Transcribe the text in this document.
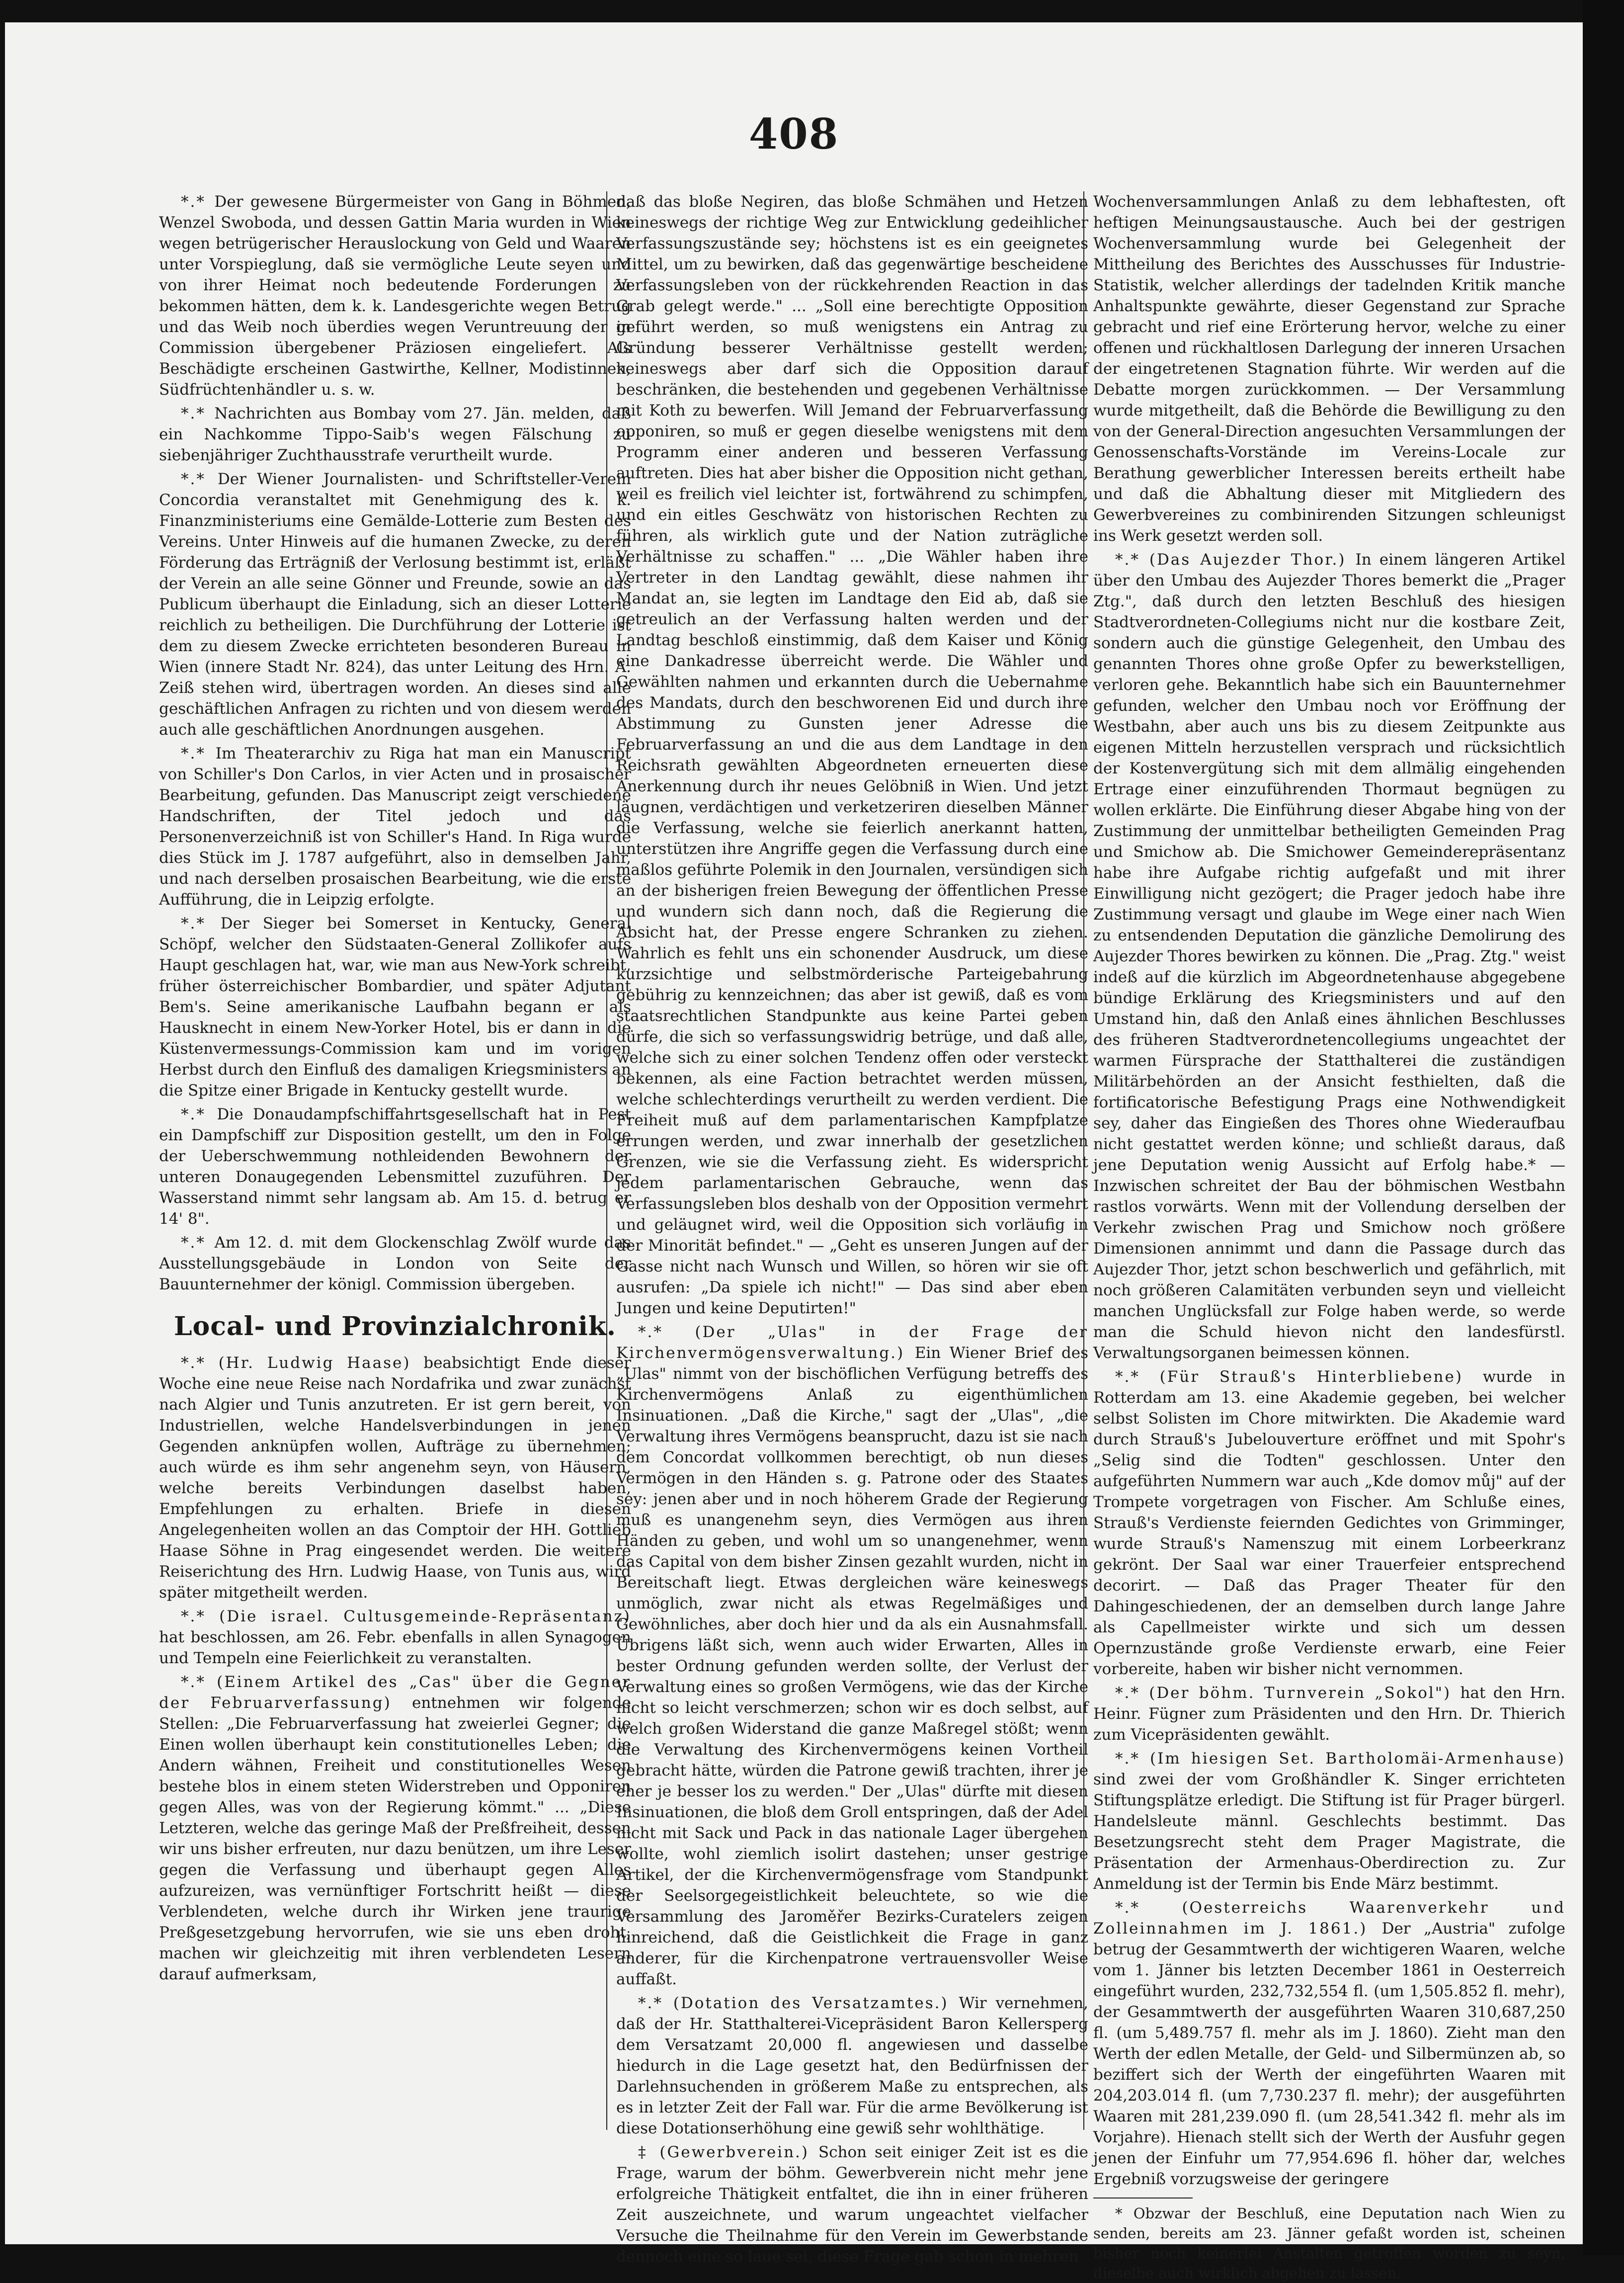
408

*.* Der gewesene Bürgermeister von Gang in Böhmen, Wenzel Swoboda, und dessen Gattin Maria wurden in Wien wegen betrügerischer Herauslockung von Geld und Waaren unter Vorspieglung, daß sie vermögliche Leute seyen und von ihrer Heimat noch bedeutende Forderungen zu bekommen hätten, dem k. k. Landesgerichte wegen Betrug und das Weib noch überdies wegen Veruntreuung der in Commission übergebener Präziosen eingeliefert. Als Beschädigte erscheinen Gastwirthe, Kellner, Modistinnen, Südfrüchtenhändler u. s. w.

*.* Nachrichten aus Bombay vom 27. Jän. melden, daß ein Nachkomme Tippo-Saib's wegen Fälschung zu siebenjähriger Zuchthausstrafe verurtheilt wurde.

*.* Der Wiener Journalisten- und Schriftsteller-Verein Concordia veranstaltet mit Genehmigung des k. k. Finanzministeriums eine Gemälde-Lotterie zum Besten des Vereins. Unter Hinweis auf die humanen Zwecke, zu deren Förderung das Erträgniß der Verlosung bestimmt ist, erläßt der Verein an alle seine Gönner und Freunde, sowie an das Publicum überhaupt die Einladung, sich an dieser Lotterie reichlich zu betheiligen. Die Durchführung der Lotterie ist dem zu diesem Zwecke errichteten besonderen Bureau in Wien (innere Stadt Nr. 824), das unter Leitung des Hrn. A. Zeiß stehen wird, übertragen worden. An dieses sind alle geschäftlichen Anfragen zu richten und von diesem werden auch alle geschäftlichen Anordnungen ausgehen.

*.* Im Theaterarchiv zu Riga hat man ein Manuscript von Schiller's Don Carlos, in vier Acten und in prosaischer Bearbeitung, gefunden. Das Manuscript zeigt verschiedene Handschriften, der Titel jedoch und das Personenverzeichniß ist von Schiller's Hand. In Riga wurde dies Stück im J. 1787 aufgeführt, also in demselben Jahr, und nach derselben prosaischen Bearbeitung, wie die erste Aufführung, die in Leipzig erfolgte.

*.* Der Sieger bei Somerset in Kentucky, General Schöpf, welcher den Südstaaten-General Zollikofer aufs Haupt geschlagen hat, war, wie man aus New-York schreibt, früher österreichischer Bombardier, und später Adjutant Bem's. Seine amerikanische Laufbahn begann er als Hausknecht in einem New-Yorker Hotel, bis er dann in die Küstenvermessungs-Commission kam und im vorigen Herbst durch den Einfluß des damaligen Kriegsministers an die Spitze einer Brigade in Kentucky gestellt wurde.

*.* Die Donaudampfschiffahrtsgesellschaft hat in Pest ein Dampfschiff zur Disposition gestellt, um den in Folge der Ueberschwemmung nothleidenden Bewohnern der unteren Donaugegenden Lebensmittel zuzuführen. Der Wasserstand nimmt sehr langsam ab. Am 15. d. betrug er 14' 8".

*.* Am 12. d. mit dem Glockenschlag Zwölf wurde das Ausstellungsgebäude in London von Seite der Bauunternehmer der königl. Commission übergeben.

Local- und Provinzialchronik.

*.* (Hr. Ludwig Haase) beabsichtigt Ende dieser Woche eine neue Reise nach Nordafrika und zwar zunächst nach Algier und Tunis anzutreten. Er ist gern bereit, von Industriellen, welche Handelsverbindungen in jenen Gegenden anknüpfen wollen, Aufträge zu übernehmen; auch würde es ihm sehr angenehm seyn, von Häusern, welche bereits Verbindungen daselbst haben, Empfehlungen zu erhalten. Briefe in diesen Angelegenheiten wollen an das Comptoir der HH. Gottlieb Haase Söhne in Prag eingesendet werden. Die weitere Reiserichtung des Hrn. Ludwig Haase, von Tunis aus, wird später mitgetheilt werden.

*.* (Die israel. Cultusgemeinde-Repräsentanz) hat beschlossen, am 26. Febr. ebenfalls in allen Synagogen und Tempeln eine Feierlichkeit zu veranstalten.

*.* (Einem Artikel des „Cas" über die Gegner der Februarverfassung) entnehmen wir folgende Stellen: „Die Februarverfassung hat zweierlei Gegner; die Einen wollen überhaupt kein constitutionelles Leben; die Andern wähnen, Freiheit und constitutionelles Wesen bestehe blos in einem steten Widerstreben und Opponiren gegen Alles, was von der Regierung kömmt." ... „Diese Letzteren, welche das geringe Maß der Preßfreiheit, dessen wir uns bisher erfreuten, nur dazu benützen, um ihre Leser gegen die Verfassung und überhaupt gegen Alles aufzureizen, was vernünftiger Fortschritt heißt — diese Verblendeten, welche durch ihr Wirken jene traurige Preßgesetzgebung hervorrufen, wie sie uns eben droht, machen wir gleichzeitig mit ihren verblendeten Lesern darauf aufmerksam,

daß das bloße Negiren, das bloße Schmähen und Hetzen keineswegs der richtige Weg zur Entwicklung gedeihlicher Verfassungszustände sey; höchstens ist es ein geeignetes Mittel, um zu bewirken, daß das gegenwärtige bescheidene Verfassungsleben von der rückkehrenden Reaction in das Grab gelegt werde." ... „Soll eine berechtigte Opposition geführt werden, so muß wenigstens ein Antrag zu Gründung besserer Verhältnisse gestellt werden; keineswegs aber darf sich die Opposition darauf beschränken, die bestehenden und gegebenen Verhältnisse mit Koth zu bewerfen. Will Jemand der Februarverfassung opponiren, so muß er gegen dieselbe wenigstens mit dem Programm einer anderen und besseren Verfassung auftreten. Dies hat aber bisher die Opposition nicht gethan, weil es freilich viel leichter ist, fortwährend zu schimpfen, und ein eitles Geschwätz von historischen Rechten zu führen, als wirklich gute und der Nation zuträgliche Verhältnisse zu schaffen." ... „Die Wähler haben ihre Vertreter in den Landtag gewählt, diese nahmen ihr Mandat an, sie legten im Landtage den Eid ab, daß sie getreulich an der Verfassung halten werden und der Landtag beschloß einstimmig, daß dem Kaiser und König eine Dankadresse überreicht werde. Die Wähler und Gewählten nahmen und erkannten durch die Uebernahme des Mandats, durch den beschworenen Eid und durch ihre Abstimmung zu Gunsten jener Adresse die Februarverfassung an und die aus dem Landtage in den Reichsrath gewählten Abgeordneten erneuerten diese Anerkennung durch ihr neues Gelöbniß in Wien. Und jetzt läugnen, verdächtigen und verketzeriren dieselben Männer die Verfassung, welche sie feierlich anerkannt hatten, unterstützen ihre Angriffe gegen die Verfassung durch eine maßlos geführte Polemik in den Journalen, versündigen sich an der bisherigen freien Bewegung der öffentlichen Presse und wundern sich dann noch, daß die Regierung die Absicht hat, der Presse engere Schranken zu ziehen. Wahrlich es fehlt uns ein schonender Ausdruck, um diese kurzsichtige und selbstmörderische Parteigebahrung gebührig zu kennzeichnen; das aber ist gewiß, daß es vom staatsrechtlichen Standpunkte aus keine Partei geben dürfe, die sich so verfassungswidrig betrüge, und daß alle, welche sich zu einer solchen Tendenz offen oder versteckt bekennen, als eine Faction betrachtet werden müssen, welche schlechterdings verurtheilt zu werden verdient. Die Freiheit muß auf dem parlamentarischen Kampfplatze errungen werden, und zwar innerhalb der gesetzlichen Grenzen, wie sie die Verfassung zieht. Es widerspricht jedem parlamentarischen Gebrauche, wenn das Verfassungsleben blos deshalb von der Opposition vermehrt und geläugnet wird, weil die Opposition sich vorläufig in der Minorität befindet." — „Geht es unseren Jungen auf der Gasse nicht nach Wunsch und Willen, so hören wir sie oft ausrufen: „Da spiele ich nicht!" — Das sind aber eben Jungen und keine Deputirten!"

*.* (Der „Ulas" in der Frage der Kirchenvermögensverwaltung.) Ein Wiener Brief des „Ulas" nimmt von der bischöflichen Verfügung betreffs des Kirchenvermögens Anlaß zu eigenthümlichen Insinuationen. „Daß die Kirche," sagt der „Ulas", „die Verwaltung ihres Vermögens beansprucht, dazu ist sie nach dem Concordat vollkommen berechtigt, ob nun dieses Vermögen in den Händen s. g. Patrone oder des Staates sey: jenen aber und in noch höherem Grade der Regierung muß es unangenehm seyn, dies Vermögen aus ihren Händen zu geben, und wohl um so unangenehmer, wenn das Capital von dem bisher Zinsen gezahlt wurden, nicht in Bereitschaft liegt. Etwas dergleichen wäre keineswegs unmöglich, zwar nicht als etwas Regelmäßiges und Gewöhnliches, aber doch hier und da als ein Ausnahmsfall. Übrigens läßt sich, wenn auch wider Erwarten, Alles in bester Ordnung gefunden werden sollte, der Verlust der Verwaltung eines so großen Vermögens, wie das der Kirche nicht so leicht verschmerzen; schon wir es doch selbst, auf welch großen Widerstand die ganze Maßregel stößt; wenn die Verwaltung des Kirchenvermögens keinen Vortheil gebracht hätte, würden die Patrone gewiß trachten, ihrer je eher je besser los zu werden." Der „Ulas" dürfte mit diesen Insinuationen, die bloß dem Groll entspringen, daß der Adel nicht mit Sack und Pack in das nationale Lager übergehen wollte, wohl ziemlich isolirt dastehen; unser gestrige Artikel, der die Kirchenvermögensfrage vom Standpunkt der Seelsorgegeistlichkeit beleuchtete, so wie die Versammlung des Jaroměřer Bezirks-Curatelers zeigen hinreichend, daß die Geistlichkeit die Frage in ganz anderer, für die Kirchenpatrone vertrauensvoller Weise auffaßt.

*.* (Dotation des Versatzamtes.) Wir vernehmen, daß der Hr. Statthalterei-Vicepräsident Baron Kellersperg dem Versatzamt 20,000 fl. angewiesen und dasselbe hiedurch in die Lage gesetzt hat, den Bedürfnissen der Darlehnsuchenden in größerem Maße zu entsprechen, als es in letzter Zeit der Fall war. Für die arme Bevölkerung ist diese Dotationserhöhung eine gewiß sehr wohlthätige.

‡ (Gewerbverein.) Schon seit einiger Zeit ist es die Frage, warum der böhm. Gewerbverein nicht mehr jene erfolgreiche Thätigkeit entfaltet, die ihn in einer früheren Zeit auszeichnete, und warum ungeachtet vielfacher Versuche die Theilnahme für den Verein im Gewerbstande dennoch eine so laue sei, diese Frage gab schon in mehren

Wochenversammlungen Anlaß zu dem lebhaftesten, oft heftigen Meinungsaustausche. Auch bei der gestrigen Wochenversammlung wurde bei Gelegenheit der Mittheilung des Berichtes des Ausschusses für Industrie-Statistik, welcher allerdings der tadelnden Kritik manche Anhaltspunkte gewährte, dieser Gegenstand zur Sprache gebracht und rief eine Erörterung hervor, welche zu einer offenen und rückhaltlosen Darlegung der inneren Ursachen der eingetretenen Stagnation führte. Wir werden auf die Debatte morgen zurückkommen. — Der Versammlung wurde mitgetheilt, daß die Behörde die Bewilligung zu den von der General-Direction angesuchten Versammlungen der Genossenschafts-Vorstände im Vereins-Locale zur Berathung gewerblicher Interessen bereits ertheilt habe und daß die Abhaltung dieser mit Mitgliedern des Gewerbvereines zu combinirenden Sitzungen schleunigst ins Werk gesetzt werden soll.

*.* (Das Aujezder Thor.) In einem längeren Artikel über den Umbau des Aujezder Thores bemerkt die „Prager Ztg.", daß durch den letzten Beschluß des hiesigen Stadtverordneten-Collegiums nicht nur die kostbare Zeit, sondern auch die günstige Gelegenheit, den Umbau des genannten Thores ohne große Opfer zu bewerkstelligen, verloren gehe. Bekanntlich habe sich ein Bauunternehmer gefunden, welcher den Umbau noch vor Eröffnung der Westbahn, aber auch uns bis zu diesem Zeitpunkte aus eigenen Mitteln herzustellen versprach und rücksichtlich der Kostenvergütung sich mit dem allmälig eingehenden Ertrage einer einzuführenden Thormaut begnügen zu wollen erklärte. Die Einführung dieser Abgabe hing von der Zustimmung der unmittelbar betheiligten Gemeinden Prag und Smichow ab. Die Smichower Gemeinderepräsentanz habe ihre Aufgabe richtig aufgefaßt und mit ihrer Einwilligung nicht gezögert; die Prager jedoch habe ihre Zustimmung versagt und glaube im Wege einer nach Wien zu entsendenden Deputation die gänzliche Demolirung des Aujezder Thores bewirken zu können. Die „Prag. Ztg." weist indeß auf die kürzlich im Abgeordnetenhause abgegebene bündige Erklärung des Kriegsministers und auf den Umstand hin, daß den Anlaß eines ähnlichen Beschlusses des früheren Stadtverordnetencollegiums ungeachtet der warmen Fürsprache der Statthalterei die zuständigen Militärbehörden an der Ansicht festhielten, daß die fortificatorische Befestigung Prags eine Nothwendigkeit sey, daher das Eingießen des Thores ohne Wiederaufbau nicht gestattet werden könne; und schließt daraus, daß jene Deputation wenig Aussicht auf Erfolg habe.* — Inzwischen schreitet der Bau der böhmischen Westbahn rastlos vorwärts. Wenn mit der Vollendung derselben der Verkehr zwischen Prag und Smichow noch größere Dimensionen annimmt und dann die Passage durch das Aujezder Thor, jetzt schon beschwerlich und gefährlich, mit noch größeren Calamitäten verbunden seyn und vielleicht manchen Unglücksfall zur Folge haben werde, so werde man die Schuld hievon nicht den landesfürstl. Verwaltungsorganen beimessen können.

*.* (Für Strauß's Hinterbliebene) wurde in Rotterdam am 13. eine Akademie gegeben, bei welcher selbst Solisten im Chore mitwirkten. Die Akademie ward durch Strauß's Jubelouverture eröffnet und mit Spohr's „Selig sind die Todten" geschlossen. Unter den aufgeführten Nummern war auch „Kde domov můj" auf der Trompete vorgetragen von Fischer. Am Schluße eines, Strauß's Verdienste feiernden Gedichtes von Grimminger, wurde Strauß's Namenszug mit einem Lorbeerkranz gekrönt. Der Saal war einer Trauerfeier entsprechend decorirt. — Daß das Prager Theater für den Dahingeschiedenen, der an demselben durch lange Jahre als Capellmeister wirkte und sich um dessen Opernzustände große Verdienste erwarb, eine Feier vorbereite, haben wir bisher nicht vernommen.

*.* (Der böhm. Turnverein „Sokol") hat den Hrn. Heinr. Fügner zum Präsidenten und den Hrn. Dr. Thierich zum Vicepräsidenten gewählt.

*.* (Im hiesigen Set. Bartholomäi-Armenhause) sind zwei der vom Großhändler K. Singer errichteten Stiftungsplätze erledigt. Die Stiftung ist für Prager bürgerl. Handelsleute männl. Geschlechts bestimmt. Das Besetzungsrecht steht dem Prager Magistrate, die Präsentation der Armenhaus-Oberdirection zu. Zur Anmeldung ist der Termin bis Ende März bestimmt.

*.* (Oesterreichs Waarenverkehr und Zolleinnahmen im J. 1861.) Der „Austria" zufolge betrug der Gesammtwerth der wichtigeren Waaren, welche vom 1. Jänner bis letzten December 1861 in Oesterreich eingeführt wurden, 232,732,554 fl. (um 1,505.852 fl. mehr), der Gesammtwerth der ausgeführten Waaren 310,687,250 fl. (um 5,489.757 fl. mehr als im J. 1860). Zieht man den Werth der edlen Metalle, der Geld- und Silbermünzen ab, so beziffert sich der Werth der eingeführten Waaren mit 204,203.014 fl. (um 7,730.237 fl. mehr); der ausgeführten Waaren mit 281,239.090 fl. (um 28,541.342 fl. mehr als im Vorjahre). Hienach stellt sich der Werth der Ausfuhr gegen jenen der Einfuhr um 77,954.696 fl. höher dar, welches Ergebniß vorzugsweise der geringere

* Obzwar der Beschluß, eine Deputation nach Wien zu senden, bereits am 23. Jänner gefaßt worden ist, scheinen bisher noch keinerlei Anstalten getroffen worden zu seyn, dieselbe auch wirklich abgehen zu lassen.
